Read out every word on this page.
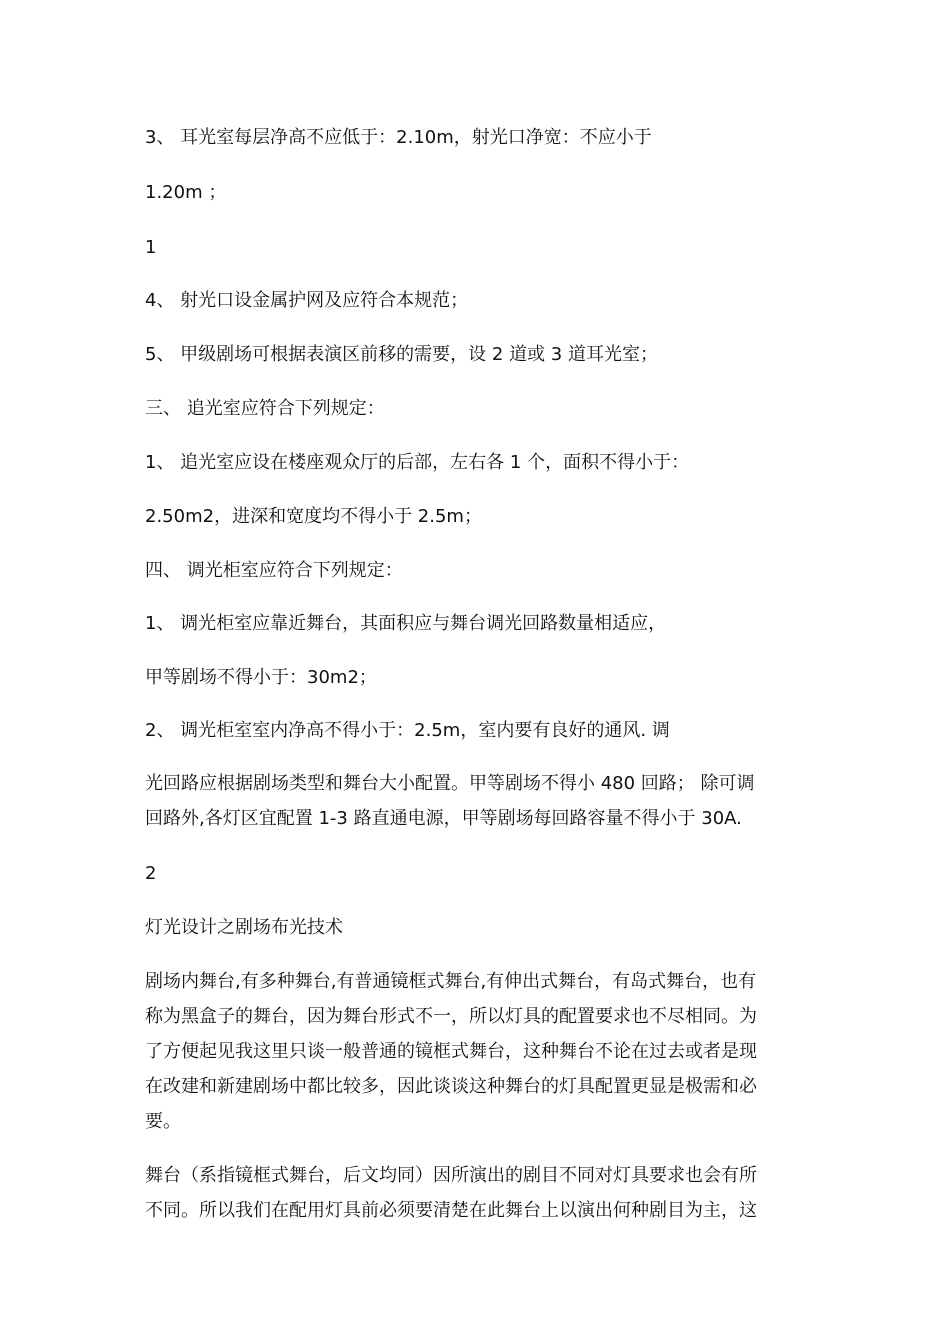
3、 耳光室每层净高不应低于：2.10m，射光口净宽：不应小于
1.20m ；
1
4、 射光口设金属护网及应符合本规范；
5、 甲级剧场可根据表演区前移的需要，设 2 道或 3 道耳光室；
三、 追光室应符合下列规定：
1、 追光室应设在楼座观众厅的后部，左右各 1 个，面积不得小于：
2.50m2，进深和宽度均不得小于 2.5m；
四、 调光柜室应符合下列规定：
1、 调光柜室应靠近舞台，其面积应与舞台调光回路数量相适应，
甲等剧场不得小于：30m2；
2、 调光柜室室内净高不得小于：2.5m，室内要有良好的通风. 调
光回路应根据剧场类型和舞台大小配置。甲等剧场不得小 480 回路； 除可调
回路外,各灯区宜配置 1-3 路直通电源，甲等剧场每回路容量不得小于 30A.
2
灯光设计之剧场布光技术
剧场内舞台,有多种舞台,有普通镜框式舞台,有伸出式舞台，有岛式舞台，也有
称为黑盒子的舞台，因为舞台形式不一，所以灯具的配置要求也不尽相同。为
了方便起见我这里只谈一般普通的镜框式舞台，这种舞台不论在过去或者是现
在改建和新建剧场中都比较多，因此谈谈这种舞台的灯具配置更显是极需和必
要。
舞台（系指镜框式舞台，后文均同）因所演出的剧目不同对灯具要求也会有所
不同。所以我们在配用灯具前必须要清楚在此舞台上以演出何种剧目为主，这
